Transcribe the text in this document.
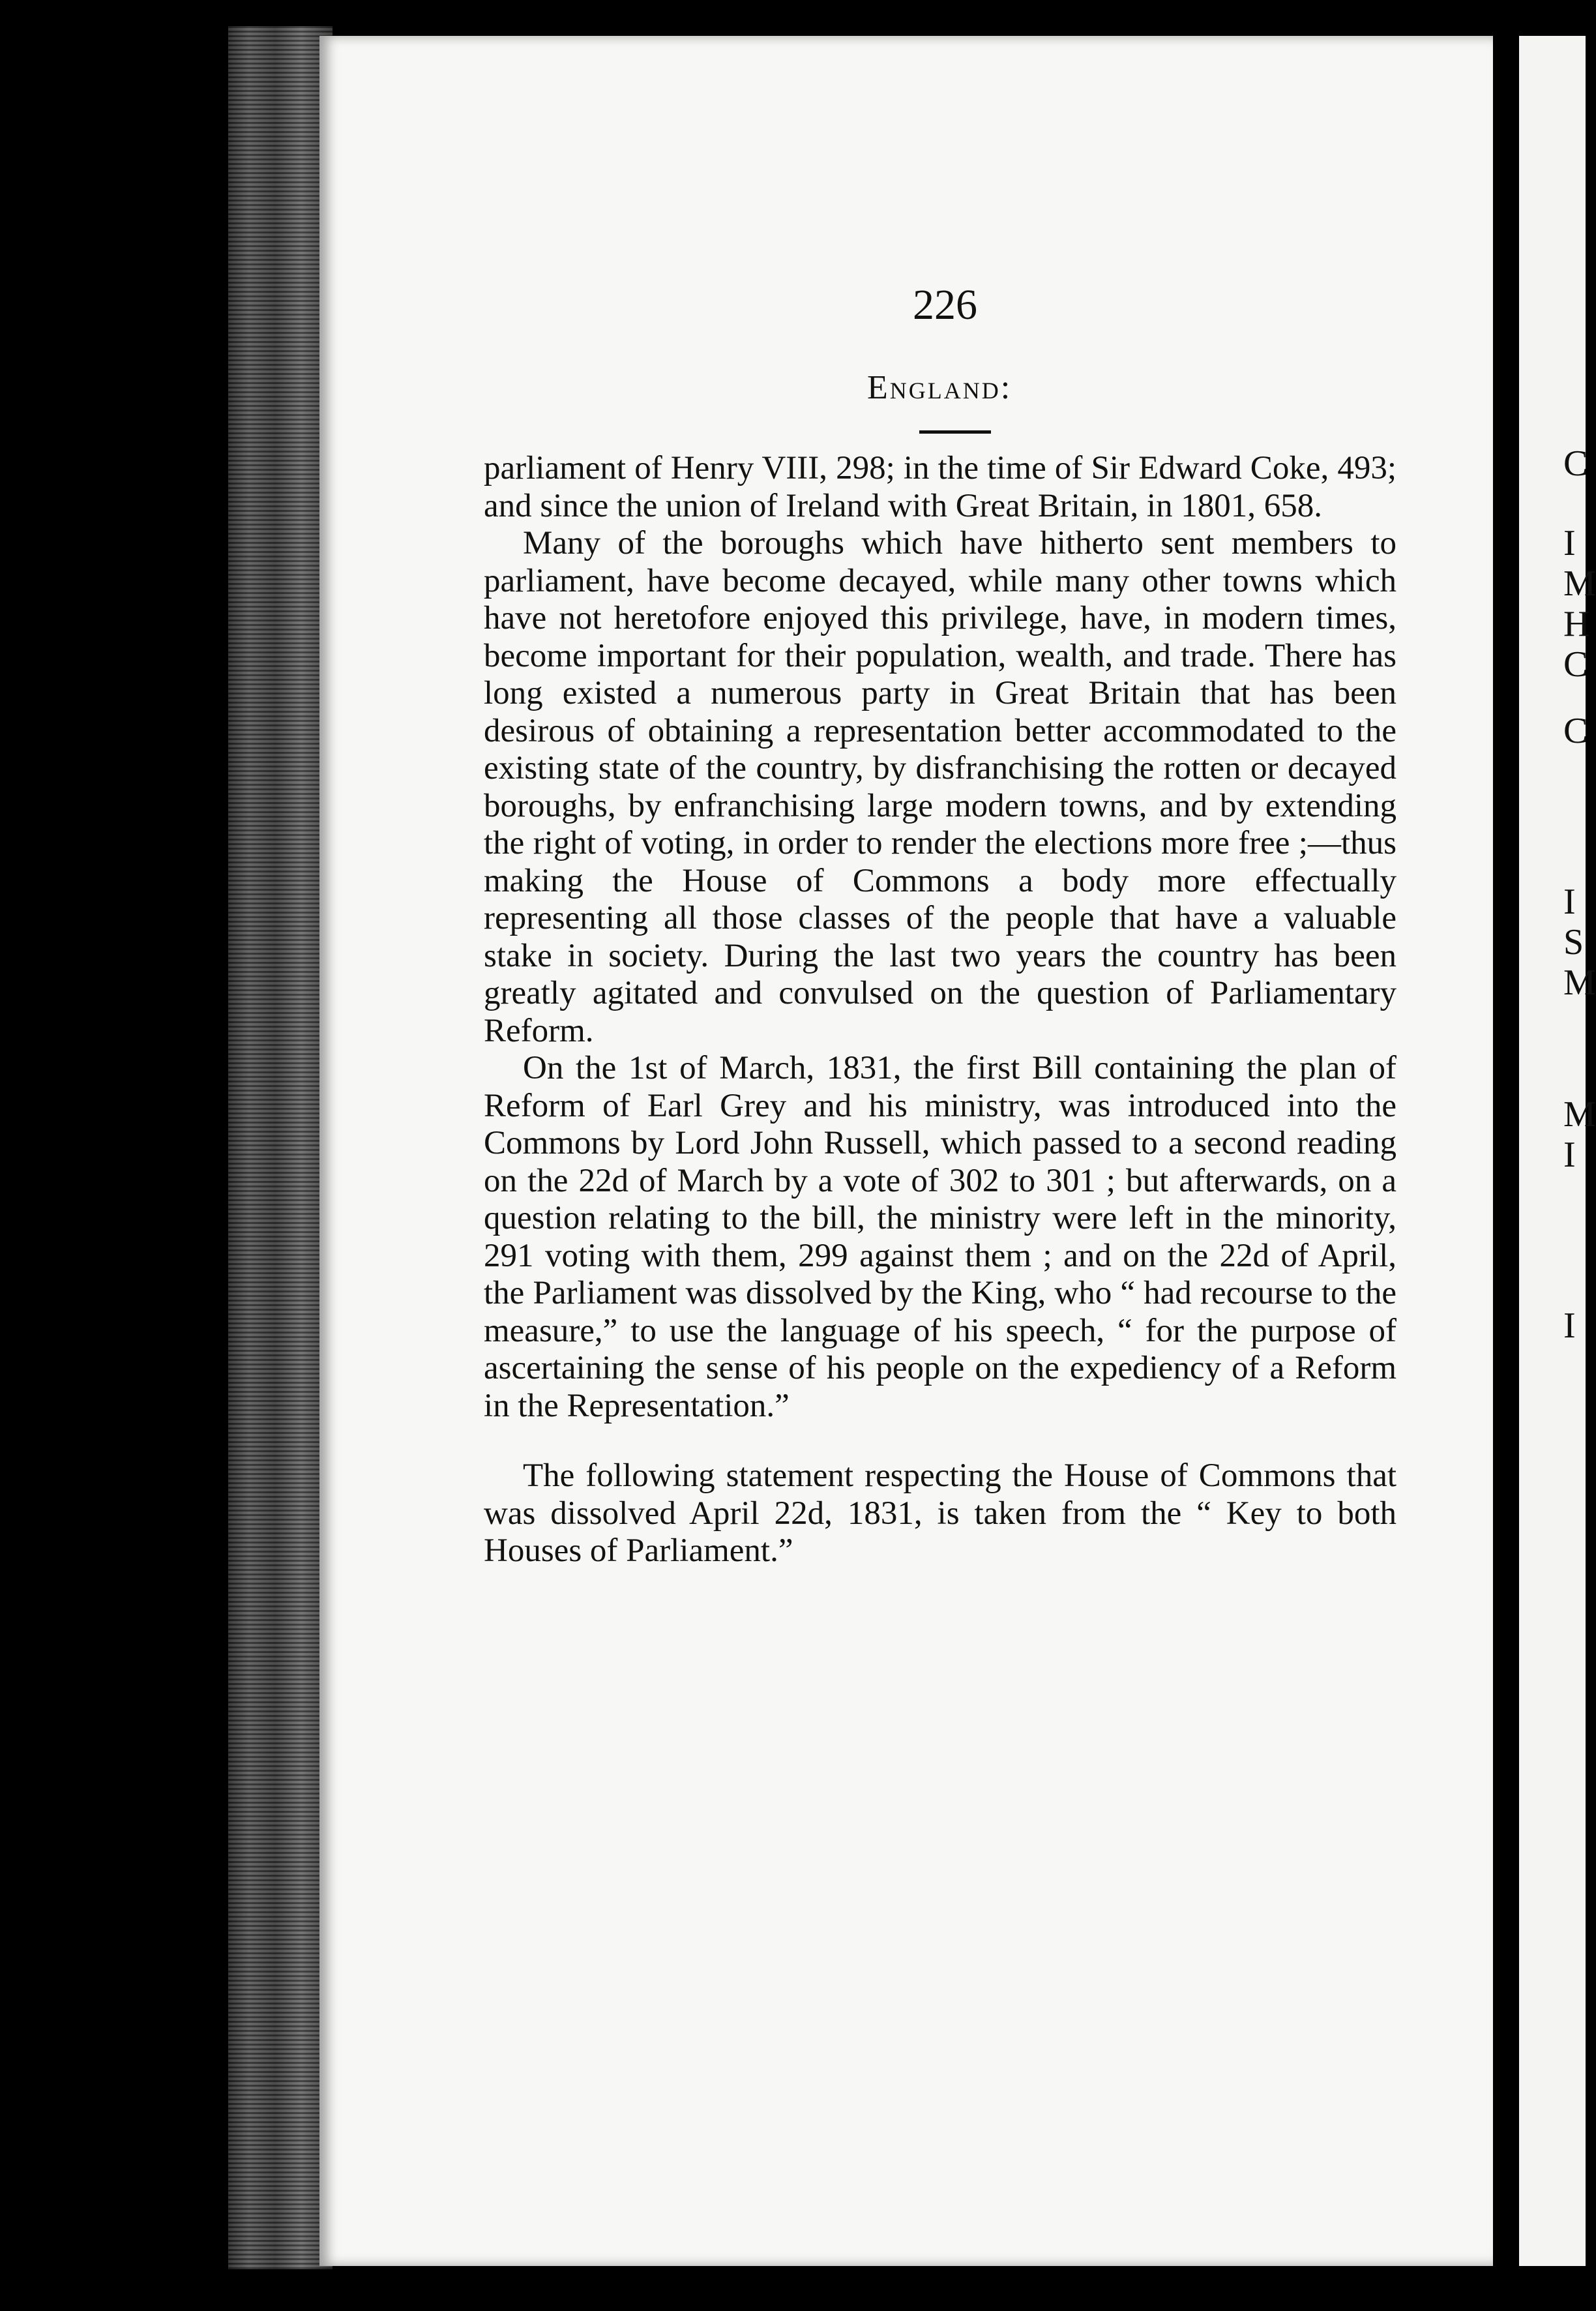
C
I
M
H
C
C
I
S
M
M
I
I
226
England:

parliament of Henry VIII, 298; in the time of Sir Edward Coke, 493; and since the union of Ireland with Great Britain, in 1801, 658.

Many of the boroughs which have hitherto sent members to parliament, have become decayed, while many other towns which have not heretofore enjoyed this privilege, have, in modern times, become important for their population, wealth, and trade. There has long existed a numerous party in Great Britain that has been desirous of obtaining a representation better accommodated to the existing state of the country, by disfranchising the rotten or decayed boroughs, by enfranchising large modern towns, and by extending the right of voting, in order to render the elections more free ;—thus making the House of Commons a body more effectually representing all those classes of the people that have a valuable stake in society. During the last two years the country has been greatly agitated and convulsed on the question of Parliamentary Reform.

On the 1st of March, 1831, the first Bill containing the plan of Reform of Earl Grey and his ministry, was introduced into the Commons by Lord John Russell, which passed to a second reading on the 22d of March by a vote of 302 to 301 ; but afterwards, on a question relating to the bill, the ministry were left in the minority, 291 voting with them, 299 against them ; and on the 22d of April, the Parliament was dissolved by the King, who “ had recourse to the measure,” to use the language of his speech, “ for the purpose of ascertaining the sense of his people on the expediency of a Reform in the Representation.”

The following statement respecting the House of Commons that was dissolved April 22d, 1831, is taken from the “ Key to both Houses of Parliament.”
